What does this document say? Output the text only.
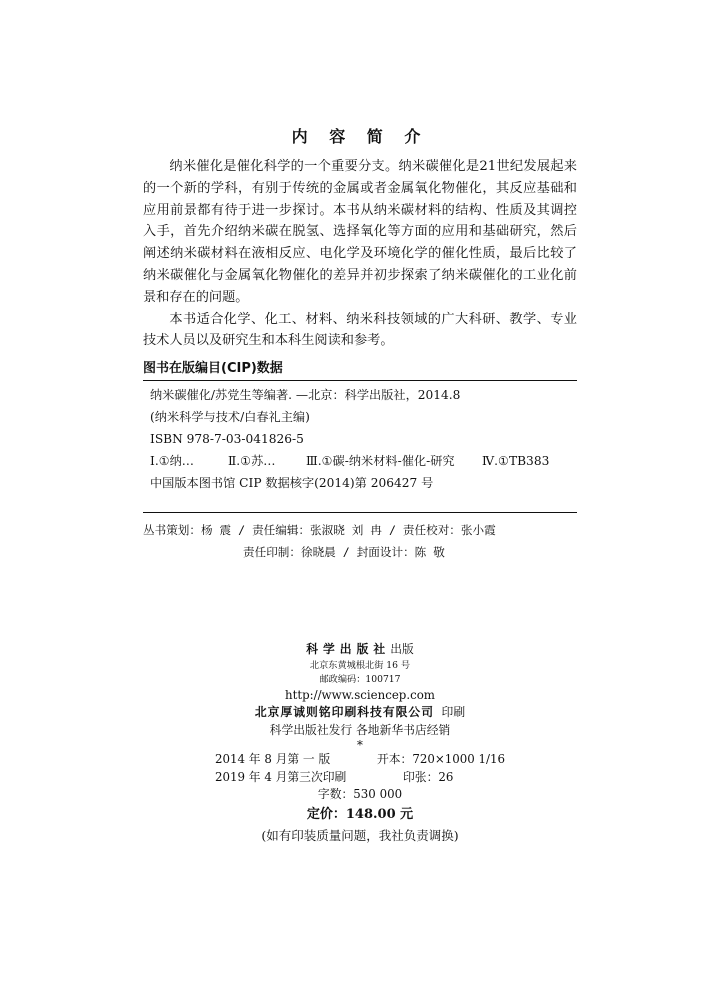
内 容 简 介

纳米催化是催化科学的一个重要分支。纳米碳催化是21世纪发展起来的一个新的学科，有别于传统的金属或者金属氧化物催化，其反应基础和应用前景都有待于进一步探讨。本书从纳米碳材料的结构、性质及其调控入手，首先介绍纳米碳在脱氢、选择氧化等方面的应用和基础研究，然后阐述纳米碳材料在液相反应、电化学及环境化学的催化性质，最后比较了纳米碳催化与金属氧化物催化的差异并初步探索了纳米碳催化的工业化前景和存在的问题。

本书适合化学、化工、材料、纳米科技领域的广大科研、教学、专业技术人员以及研究生和本科生阅读和参考。

图书在版编目(CIP)数据
纳米碳催化/苏党生等编著. —北京：科学出版社，2014.8
(纳米科学与技术/白春礼主编)
ISBN 978-7-03-041826-5
Ⅰ.①纳…	Ⅱ.①苏…	Ⅲ.①碳-纳米材料-催化-研究	Ⅳ.①TB383
中国版本图书馆 CIP 数据核字(2014)第 206427 号
丛书策划：杨 震 / 责任编辑：张淑晓 刘 冉 / 责任校对：张小霞
责任印制：徐晓晨 / 封面设计：陈 敬
科学出版社出版
北京东黄城根北街 16 号
邮政编码：100717
http://www.sciencep.com
北京厚诚则铭印刷科技有限公司 印刷
科学出版社发行 各地新华书店经销
*
2014 年 8 月第 一 版	开本：720×1000 1/16
2019 年 4 月第三次印刷	印张：26
字数：530 000
定价：148.00 元
(如有印装质量问题，我社负责调换)
